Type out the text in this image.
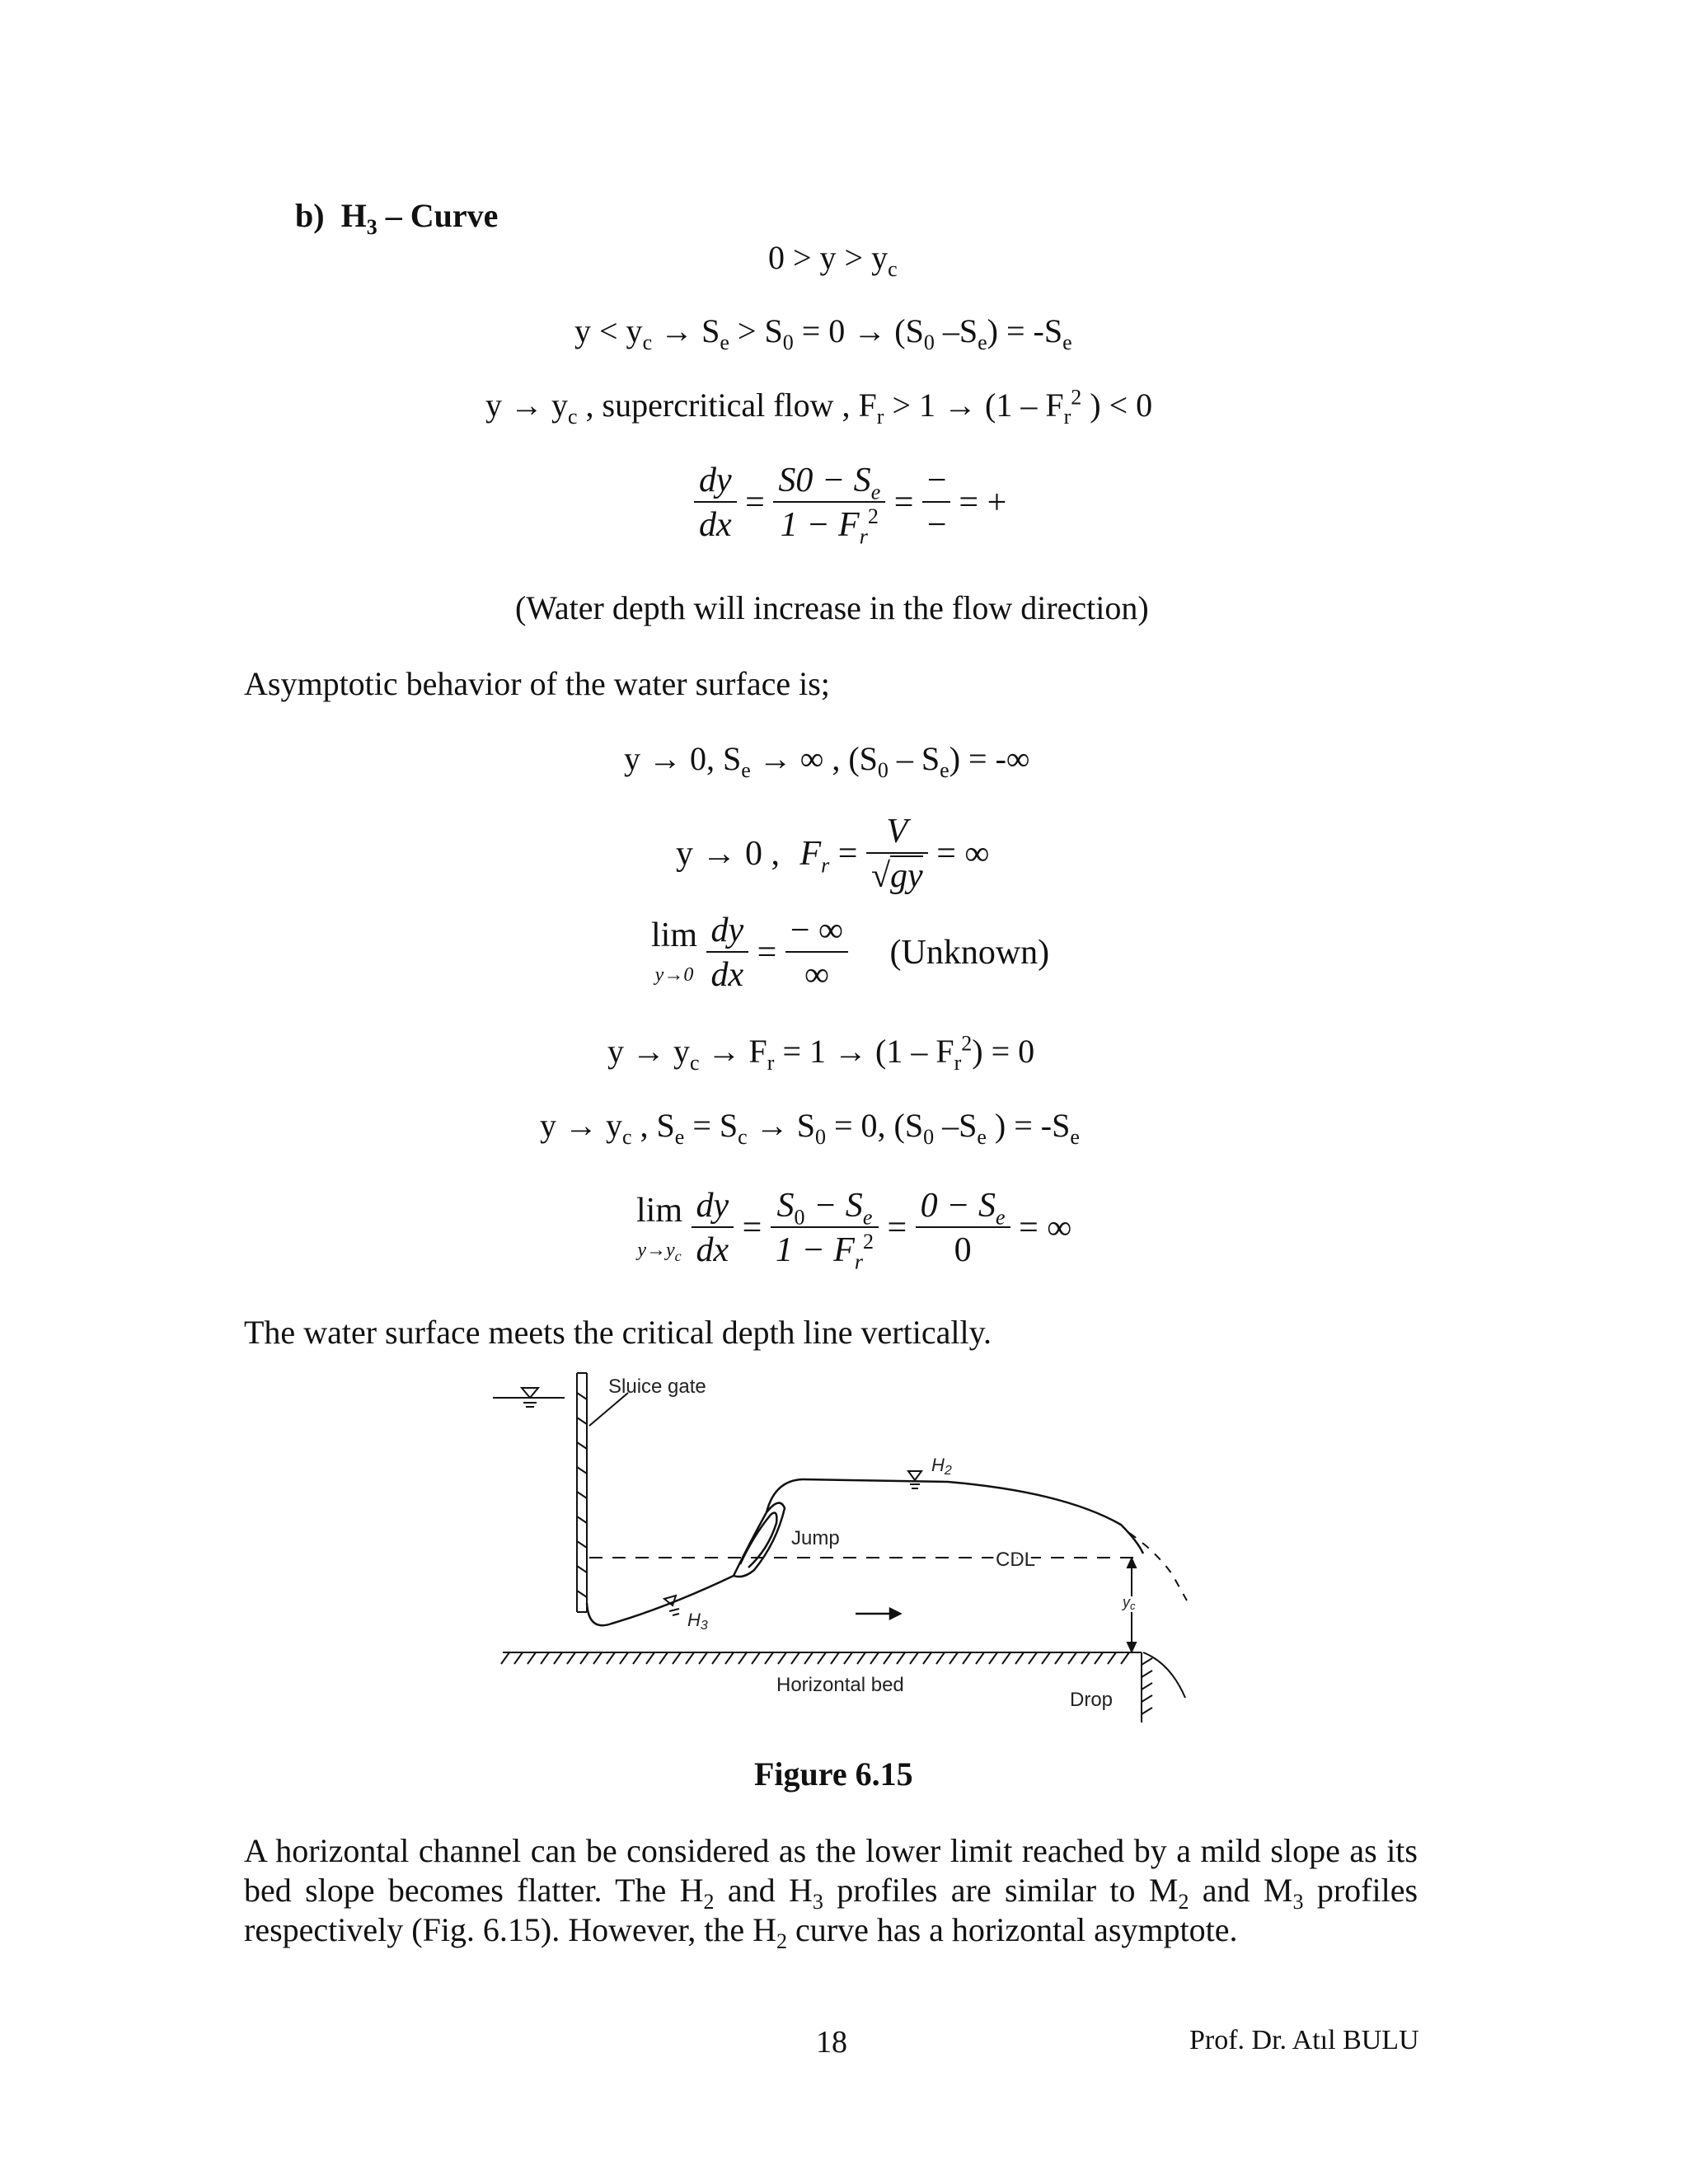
b) $H_3$ – Curve
$0 > y > y_c$
$y < y_c \to S_e > S_0 = 0 \to (S_0$ $-S_e) = -S_e$
$y \to y_c$ , supercritical flow , $F_r > 1 \to (1 - F_r^2$ ) < 0
$\frac{dy}{dx} = \frac{S0 - S_e}{1 - F_r^2} = \frac{-}{-}$ = +
(Water depth will increase in the flow direction)
Asymptotic behavior of the water surface is;
y → 0, $S_e$ → ∞ , $(S_0 - S_e)$ = -∞
y → 0 , $F_r = \frac{V}{√gy}$ = ∞
lim
$y\to 0 \frac{dy}{dx} = \frac{- \infty}{\infty}$ (Unknown)
$y \to y_c \to F_r = 1 \to (1 - F_r^2) = 0$
$y \to y_c$ , $S_e = S_c \to S_0 = 0$, ($S_0$ $-S_e$ ) = $-S_e$
lim
$y\to y_c \frac{dy}{dx} = \frac{S_0 - S_e}{1 - F_r^2} = \frac{0 - S_e}{0}$ = ∞
The water surface meets the critical depth line vertically.
Sluice gate
Horizontal bed
Drop
CDL
Jump
H2
H3
yc
Figure 6.15
A horizontal channel can be considered as the lower limit reached by a mild slope as its
bed slope becomes flatter. The $H_2$ and $H_3$ profiles are similar to $M_2$ and $M_3$ profiles
respectively (Fig. 6.15). However, the $H_2$ curve has a horizontal asymptote.
18	Prof. Dr. Atıl BULU
